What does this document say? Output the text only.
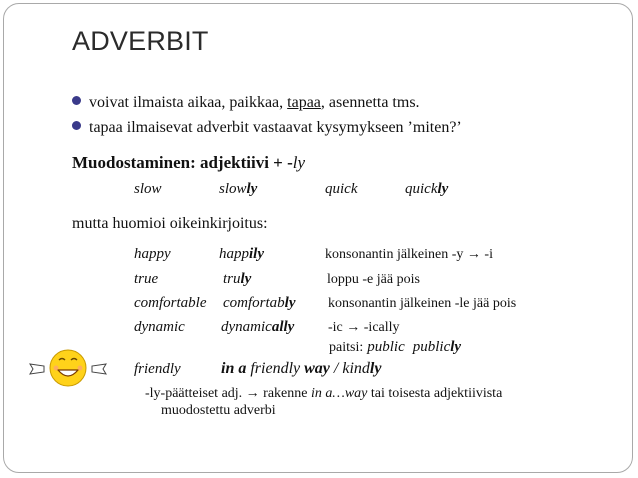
ADVERBIT
voivat ilmaista aikaa, paikkaa, tapaa, asennetta tms.
tapaa ilmaisevat adverbit vastaavat kysymykseen ’miten?’
Muodostaminen: adjektiivi + -ly
slow	slowly	quick	quickly
mutta huomioi oikeinkirjoitus:
happy	happily	konsonantin jälkeinen -y → -i
true	truly	loppu -e jää pois
comfortable comfortably konsonantin jälkeinen -le jää pois
dynamic dynamically -ic → -ically
paitsi: public publicly
friendly	in a friendly way / kindly
-ly-päätteiset adj. → rakenne in a…way tai toisesta adjektiivista
muodostettu adverbi
